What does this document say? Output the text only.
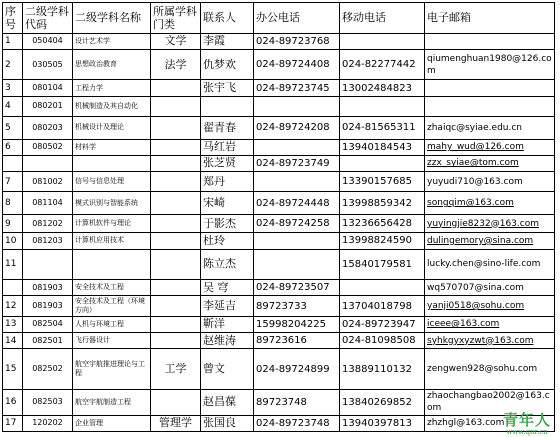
序号	二级学科代码	二级学科名称	所属学科门类	联系人	办公电话	移动电话	电子邮箱
1	050404	设计艺术学	文学	李霞	024-89723768		
2	030505	思想政治教育	法学	仇梦欢	024-89724408	024-82277442	qiumenghuan1980@126.com
3	080104	工程力学		张宇飞	024-89723745	13002484823	
4	080201	机械制造及其自动化					
5	080203	机械设计及理论		翟青春	024-89724208	024-81565311	zhaiqc@syiae.edu.cn
6	080502	材料学		马红岩		13940184543	mahy_wud@126.com
				张芝贤	024-89723749		zzx_syiae@tom.com
7	081002	信号与信息处理		郑丹		13390157685	yuyudi710@163.com
8	081104	模式识别与智能系统		宋崎	024-89724448	13998859342	songqim@163.com
9	081202	计算机软件与理论		于影杰	024-89724258	13236656428	yuyingjie8232@163.com
10	081203	计算机应用技术		杜玲		13998824590	dulingemory@sina.com
11				陈立杰		15840179581	lucky.chen@sino-life.com
	081903	安全技术及工程		吴 穹	024-89723507		wq570707@sina.com
12	081903	安全技术及工程（环境方向）		李延吉	89723733	13704018798	yanji0518@sohu.com
13	082504	人机与环境工程		靳洋	15998204225	024-89723947	iceee@163.com
14	082501	飞行器设计		赵维涛	89723616	024-81098508	syhkgyxyzwt@163.com
15	082502	航空宇航推进理论与工程	工学	曾文	024-89724899	13889110132	zengwen928@sohu.com
16	082503	航空宇航制造工程		赵昌葆	89723748	13840269852	zhaochangbao2002@163.com
17	120202	企业管理	管理学	张国良	024-89723748	13940397813	zhzhgl@163.com
青年人
www.qnr.cn
